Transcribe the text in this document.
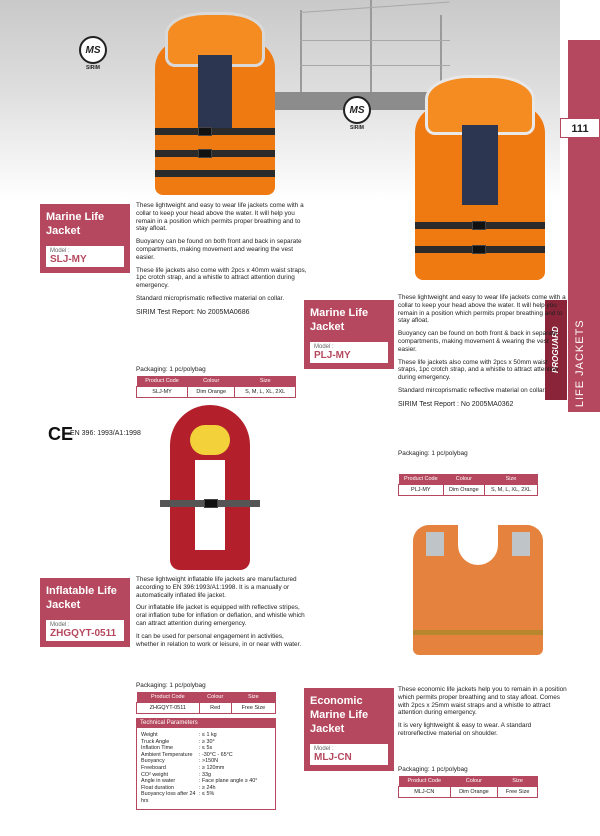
111
MARINE LIFE JACKETS
PROGUARD
MS
SIRIM
MS
SIRIM
Marine Life Jacket
Model :
SLJ-MY

These lightweight and easy to wear life jackets come with a collar to keep your head above the water. It will help you remain in a position which permits proper breathing and to stay afloat.

Buoyancy can be found on both front and back in separate compartments, making movement and wearing the vest easier.

These life jackets also come with 2pcs x 40mm waist straps, 1pc crotch strap, and a whistle to attract attention during emergency.

Standard microprismatic reflective material on collar.

SIRIM Test Report: No 2005MA0686
Packaging: 1 pc/polybag
Product Code	Colour	Size
SLJ-MY	Dim Orange	S, M, L, XL, 2XL
Marine Life Jacket
Model :
PLJ-MY

These lightweight and easy to wear life jackets come with a collar to keep your head above the water. It will help you remain in a position which permits proper breathing and to stay afloat.

Buoyancy can be found on both front & back in separate compartments, making movement & wearing the vest easier.

These life jackets also come with 2pcs x 50mm waist straps, 1pc crotch strap, and a whistle to attract attention during emergency.

Standard mircoprismatic reflective material on collar.

SIRIM Test Report : No 2005MA0362
Packaging: 1 pc/polybag
Product Code	Colour	Size
PLJ-MY	Dim Orange	S, M, L, XL, 2XL
CE
EN 396: 1993/A1:1998
Inflatable Life Jacket
Model :
ZHGQYT-0511

These lightweight inflatable life jackets are manufactured according to EN 396:1993/A1:1998. It is a manually or automatically inflated life jacket.

Our inflatable life jacket is equipped with reflective stripes, oral inflation tube for inflation or deflation, and whistle which can attract attention during emergency.

It can be used for personal engagement in activities, whether in relation to work or leisure, in or near with water.

Packaging: 1 pc/polybag
Product Code	Colour	Size
ZHGQYT-0511	Red	Free Size
Technical Parameters
Weight	: ≤ 1 kg
Truck Angle	: ≥ 30°
Inflation Time	: ≤ 5s
Ambient Temperature	: -30°C - 65°C
Buoyancy	: >150N
Freeboard	: ≥ 120mm
CO² weight	: 33g
Angle in water	: Face plane angle ≥ 40°
Float duration	: ≥ 24h
Buoyancy loss after 24 hrs
: ≤ 5%
Economic Marine Life Jacket
Model :
MLJ-CN

These economic life jackets help you to remain in a position which permits proper breathing and to stay afloat. Comes with 2pcs x 25mm waist straps and a whistle to attract attention during emergency.

It is very lightweight & easy to wear. A standard retroreflective material on shoulder.

Packaging: 1 pc/polybag
Product Code	Colour	Size
MLJ-CN	Dim Orange	Free Size
